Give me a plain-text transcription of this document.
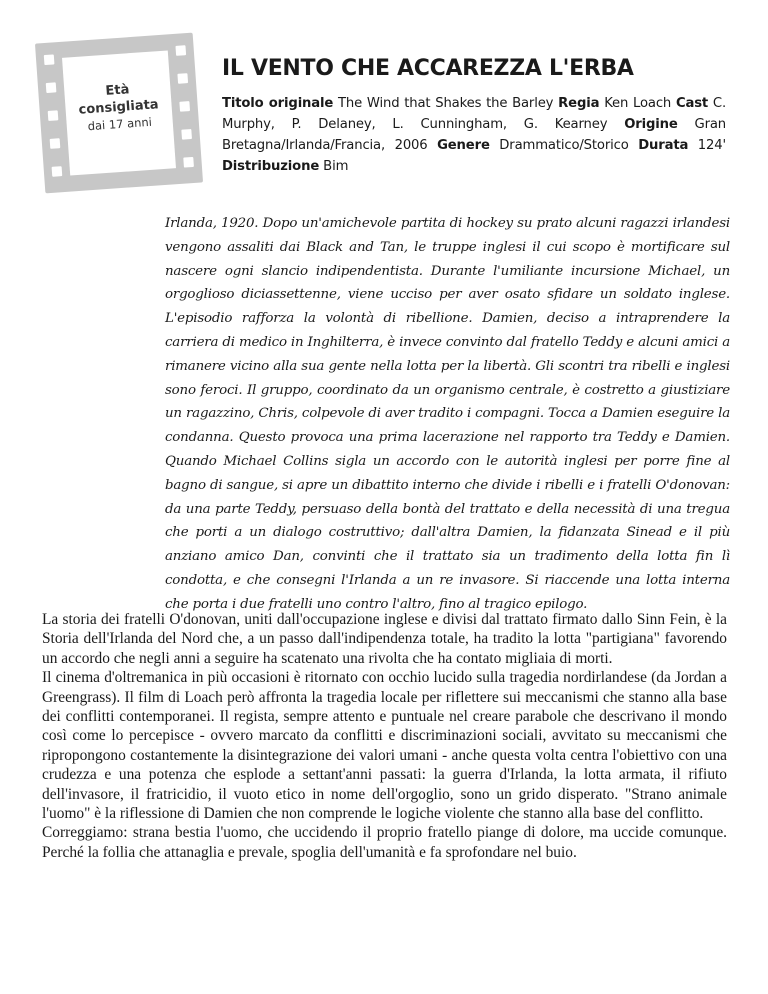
Età
consigliata
dai 17 anni
IL VENTO CHE ACCAREZZA L'ERBA

Titolo originale The Wind that Shakes the Barley Regia Ken Loach Cast C. Murphy, P. Delaney, L. Cunningham, G. Kearney Origine Gran Bretagna/Irlanda/Francia, 2006 Genere Drammatico/Storico Durata 124' Distribuzione Bim

Irlanda, 1920. Dopo un'amichevole partita di hockey su prato alcuni ragazzi irlandesi vengono assaliti dai Black and Tan, le truppe inglesi il cui scopo è mortificare sul nascere ogni slancio indipendentista. Durante l'umiliante incursione Michael, un orgoglioso diciassettenne, viene ucciso per aver osato sfidare un soldato inglese. L'episodio rafforza la volontà di ribellione. Damien, deciso a intraprendere la carriera di medico in Inghilterra, è invece convinto dal fratello Teddy e alcuni amici a rimanere vicino alla sua gente nella lotta per la libertà. Gli scontri tra ribelli e inglesi sono feroci. Il gruppo, coordinato da un organismo centrale, è costretto a giustiziare un ragazzino, Chris, colpevole di aver tradito i compagni. Tocca a Damien eseguire la condanna. Questo provoca una prima lacerazione nel rapporto tra Teddy e Damien. Quando Michael Collins sigla un accordo con le autorità inglesi per porre fine al bagno di sangue, si apre un dibattito interno che divide i ribelli e i fratelli O'donovan: da una parte Teddy, persuaso della bontà del trattato e della necessità di una tregua che porti a un dialogo costruttivo; dall'altra Damien, la fidanzata Sinead e il più anziano amico Dan, convinti che il trattato sia un tradimento della lotta fin lì condotta, e che consegni l'Irlanda a un re invasore. Si riaccende una lotta interna che porta i due fratelli uno contro l'altro, fino al tragico epilogo.

La storia dei fratelli O'donovan, uniti dall'occupazione inglese e divisi dal trattato firmato dallo Sinn Fein, è la Storia dell'Irlanda del Nord che, a un passo dall'indipendenza totale, ha tradito la lotta "partigiana" favorendo un accordo che negli anni a seguire ha scatenato una rivolta che ha contato migliaia di morti.

Il cinema d'oltremanica in più occasioni è ritornato con occhio lucido sulla tragedia nordirlandese (da Jordan a Greengrass). Il film di Loach però affronta la tragedia locale per riflettere sui meccanismi che stanno alla base dei conflitti contemporanei. Il regista, sempre attento e puntuale nel creare parabole che descrivano il mondo così come lo percepisce - ovvero marcato da conflitti e discriminazioni sociali, avvitato su meccanismi che ripropongono costantemente la disintegrazione dei valori umani - anche questa volta centra l'obiettivo con una crudezza e una potenza che esplode a settant'anni passati: la guerra d'Irlanda, la lotta armata, il rifiuto dell'invasore, il fratricidio, il vuoto etico in nome dell'orgoglio, sono un grido disperato. "Strano animale l'uomo" è la riflessione di Damien che non comprende le logiche violente che stanno alla base del conflitto.

Correggiamo: strana bestia l'uomo, che uccidendo il proprio fratello piange di dolore, ma uccide comunque. Perché la follia che attanaglia e prevale, spoglia dell'umanità e fa sprofondare nel buio.
